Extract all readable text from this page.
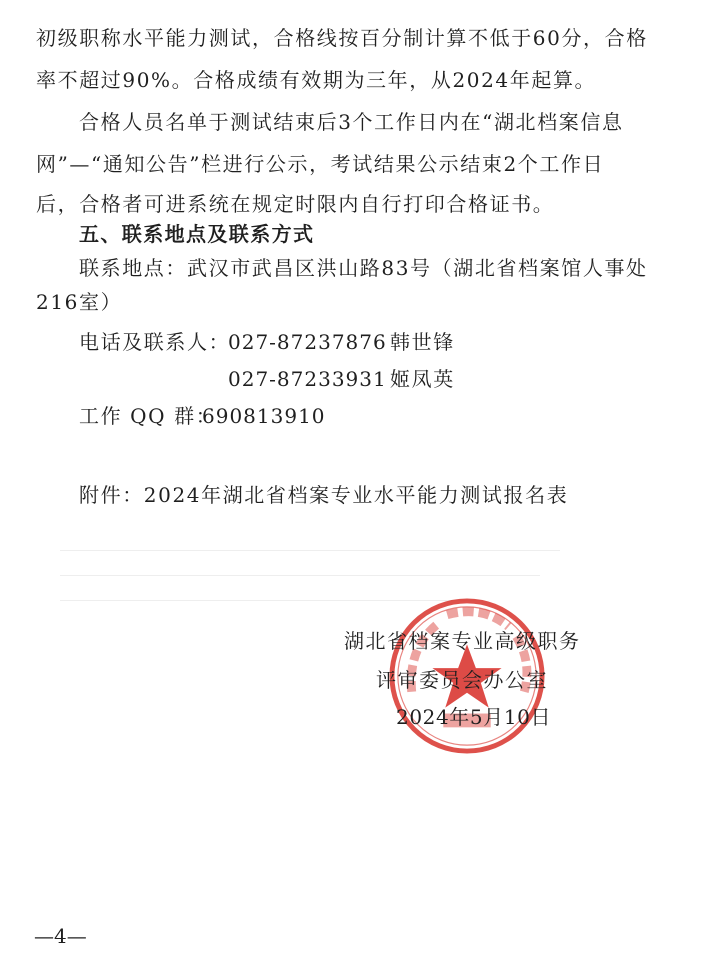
初级职称水平能力测试，合格线按百分制计算不低于60分，合格
率不超过90%。合格成绩有效期为三年，从2024年起算。
合格人员名单于测试结束后3个工作日内在“湖北档案信息
网”—“通知公告”栏进行公示，考试结果公示结束2个工作日
后，合格者可进系统在规定时限内自行打印合格证书。
五、联系地点及联系方式
联系地点：武汉市武昌区洪山路83号（湖北省档案馆人事处
216室）
电话及联系人：
027-87237876 韩世锋
027-87233931 姬凤英
工作 QQ 群：
690813910
附件：2024年湖北省档案专业水平能力测试报名表
湖北省档案专业高级职务
评审委员会办公室
2024年5月10日
—4—
